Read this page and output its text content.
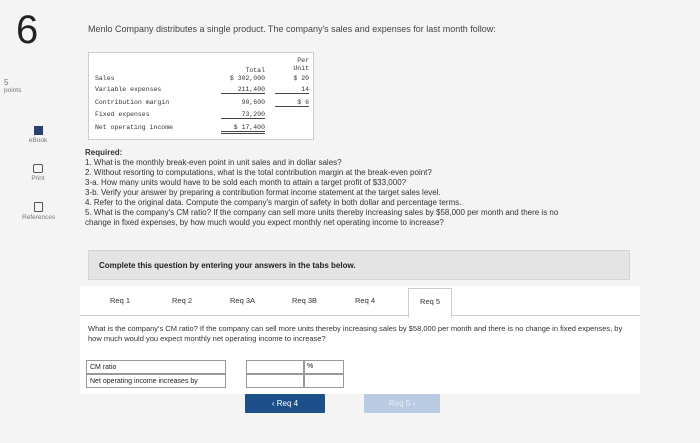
6	Menlo Company distributes a single product. The company's sales and expenses for last month follow:
5
points
eBook
Print
References
Total
Per
Unit
Sales	$ 302,000	$ 20
Variable expenses	211,400	14
Contribution margin	90,600	$ 6
Fixed expenses	73,200
Net operating income	$ 17,400
Required:
1. What is the monthly break-even point in unit sales and in dollar sales?
2. Without resorting to computations, what is the total contribution margin at the break-even point?
3-a. How many units would have to be sold each month to attain a target profit of $33,000?
3-b. Verify your answer by preparing a contribution format income statement at the target sales level.
4. Refer to the original data. Compute the company's margin of safety in both dollar and percentage terms.
5. What is the company's CM ratio? If the company can sell more units thereby increasing sales by $58,000 per month and there is no
change in fixed expenses, by how much would you expect monthly net operating income to increase?
Complete this question by entering your answers in the tabs below.
Req 1	Req 2	Req 3A	Req 3B	Req 4	Req 5
What is the company's CM ratio? If the company can sell more units thereby increasing sales by $58,000 per month and there is no change in fixed expenses, by how much would you expect monthly net operating income to increase?
CM ratio	%
Net operating income increases by
‹ Req 4	Req 5 ›
